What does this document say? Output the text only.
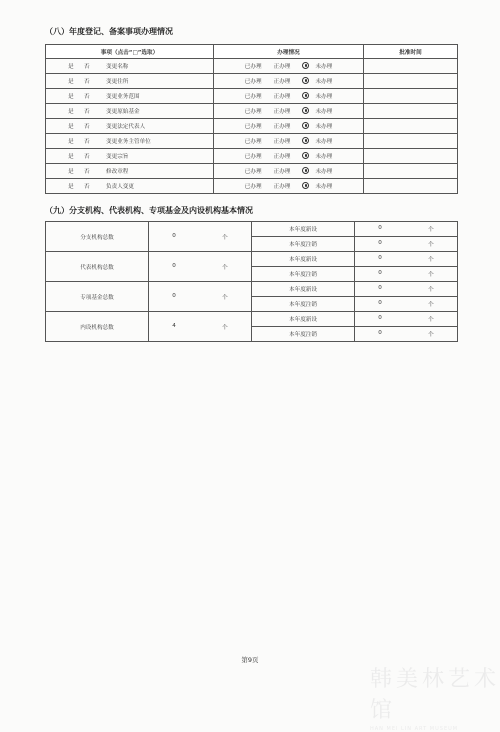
（八）年度登记、备案事项办理情况
事项（点击“□”选取）	办理情况	批准时间
是 否 变更名称	已办理 正办理 未办理	
是 否 变更住所	已办理 正办理 未办理	
是 否 变更业务范围	已办理 正办理 未办理	
是 否 变更原始基金	已办理 正办理 未办理	
是 否 变更法定代表人	已办理 正办理 未办理	
是 否 变更业务主管单位	已办理 正办理 未办理	
是 否 变更宗旨	已办理 正办理 未办理	
是 否 修改章程	已办理 正办理 未办理	
是 否 负责人变更	已办理 正办理 未办理	
（九）分支机构、代表机构、专项基金及内设机构基本情况
分支机构总数	0 个	本年度新设	0 个

		本年度注销	0 个

代表机构总数	0 个	本年度新设	0 个

		本年度注销	0 个

专项基金总数	0 个	本年度新设	0 个

		本年度注销	0 个

内设机构总数	4 个	本年度新设	0 个

		本年度注销	0 个
第9页
韩美林艺术馆
HAN MEI LIN ART MUSEUM
